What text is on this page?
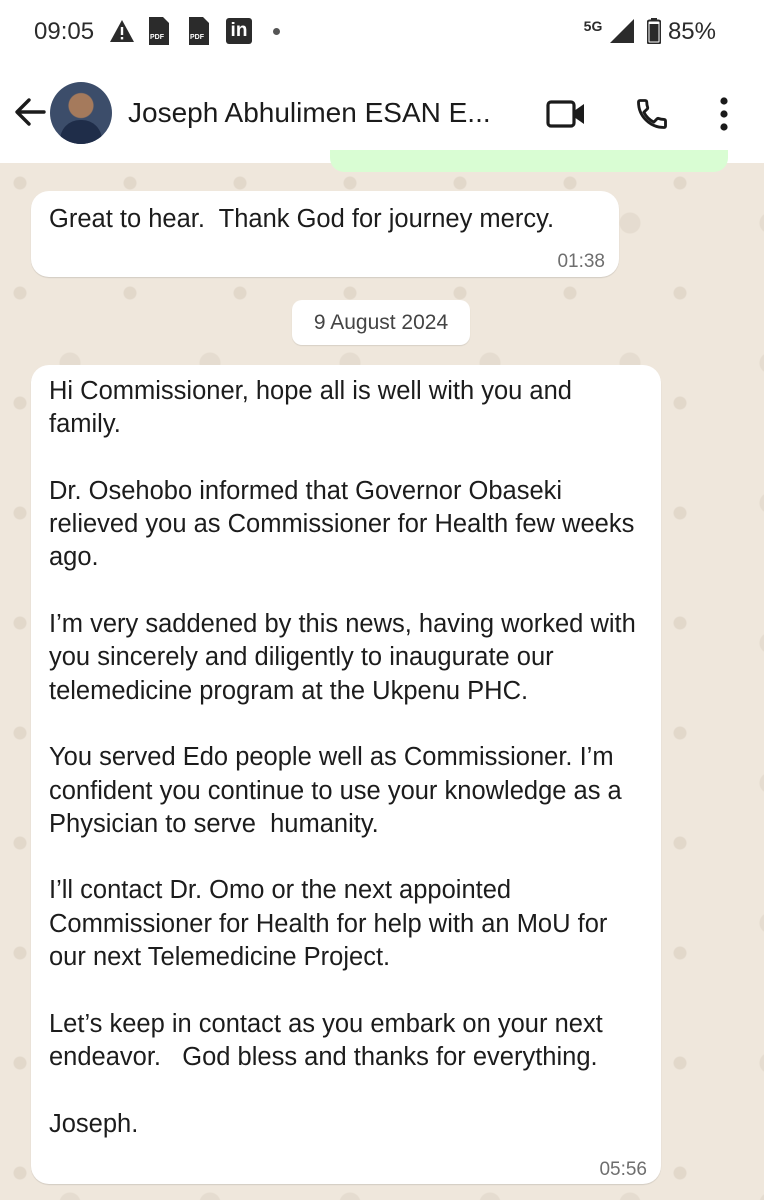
09:05	PDF	PDF in	5G	85%
Joseph Abhulimen ESAN E...
Great to hear.  Thank God for journey mercy.
01:38
9 August 2024
Hi Commissioner, hope all is well with you and family.

Dr. Osehobo informed that Governor Obaseki relieved you as Commissioner for Health few weeks ago.

I’m very saddened by this news, having worked with you sincerely and diligently to inaugurate our telemedicine program at the Ukpenu PHC.

You served Edo people well as Commissioner. I’m confident you continue to use your knowledge as a Physician to serve  humanity.

I’ll contact Dr. Omo or the next appointed Commissioner for Health for help with an MoU for our next Telemedicine Project.

Let’s keep in contact as you embark on your next endeavor.   God bless and thanks for everything.

Joseph.
05:56
